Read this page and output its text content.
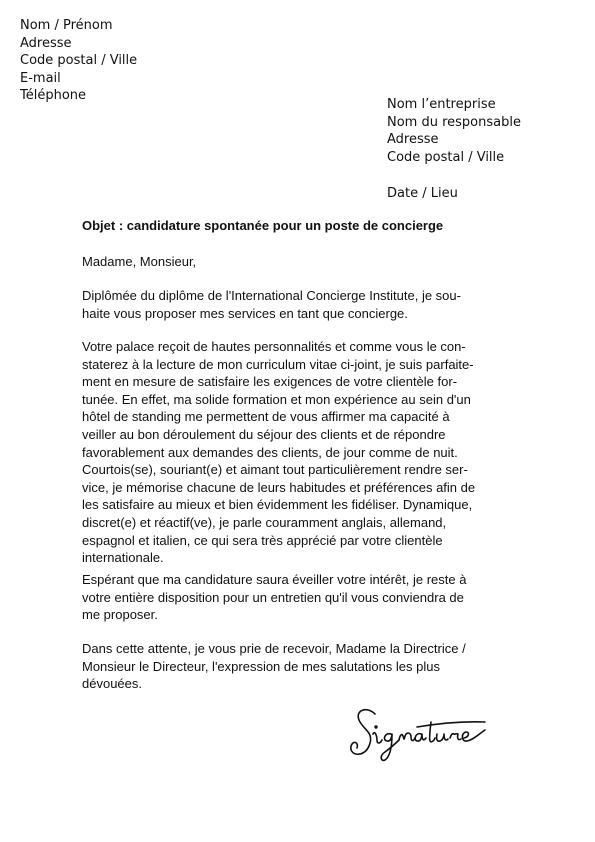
Nom / Prénom
Adresse
Code postal / Ville
E-mail
Téléphone
Nom l’entreprise
Nom du responsable
Adresse
Code postal / Ville
Date / Lieu
Objet : candidature spontanée pour un poste de concierge
Madame, Monsieur,
Diplômée du diplôme de l'International Concierge Institute, je sou-
haite vous proposer mes services en tant que concierge.
Votre palace reçoit de hautes personnalités et comme vous le con-
staterez à la lecture de mon curriculum vitae ci-joint, je suis parfaite-
ment en mesure de satisfaire les exigences de votre clientèle for-
tunée. En effet, ma solide formation et mon expérience au sein d'un
hôtel de standing me permettent de vous affirmer ma capacité à
veiller au bon déroulement du séjour des clients et de répondre
favorablement aux demandes des clients, de jour comme de nuit.
Courtois(se), souriant(e) et aimant tout particulièrement rendre ser-
vice, je mémorise chacune de leurs habitudes et préférences afin de
les satisfaire au mieux et bien évidemment les fidéliser. Dynamique,
discret(e) et réactif(ve), je parle couramment anglais, allemand,
espagnol et italien, ce qui sera très apprécié par votre clientèle
internationale.
Espérant que ma candidature saura éveiller votre intérêt, je reste à
votre entière disposition pour un entretien qu'il vous conviendra de
me proposer.
Dans cette attente, je vous prie de recevoir, Madame la Directrice /
Monsieur le Directeur, l'expression de mes salutations les plus
dévouées.
